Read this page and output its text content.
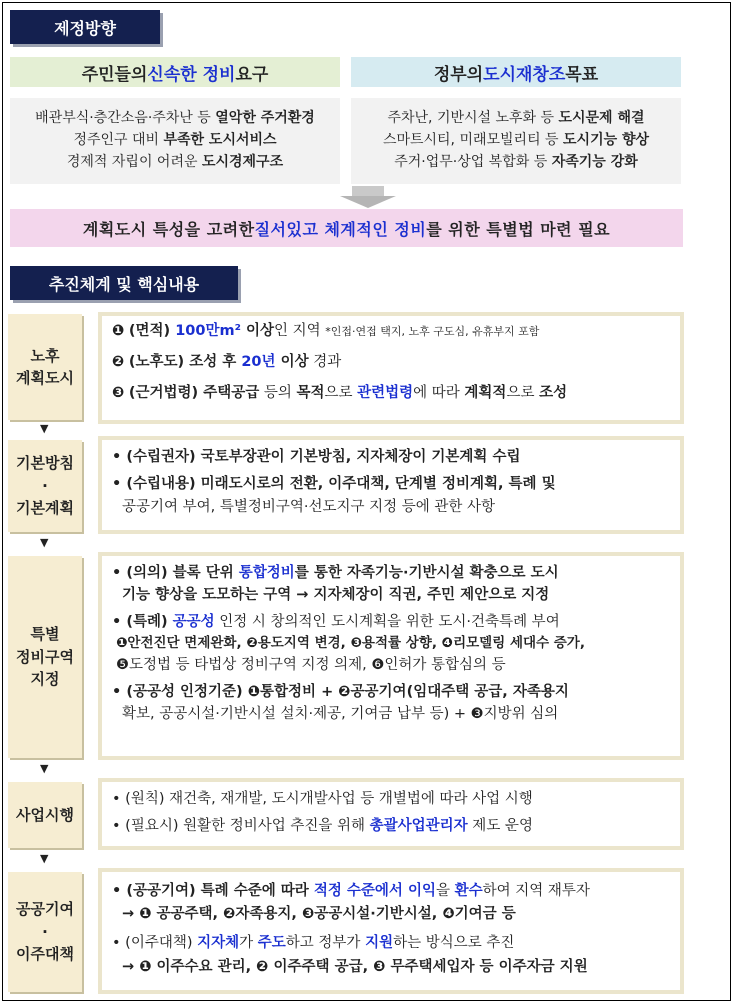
제정방향
주민들의 신속한 정비 요구	정부의 도시재창조 목표
배관부식·층간소음·주차난 등 열악한 주거환경
정주인구 대비 부족한 도시서비스
경제적 자립이 어려운 도시경제구조
주차난, 기반시설 노후화 등 도시문제 해결
스마트시티, 미래모빌리티 등 도시기능 향상
주거·업무·상업 복합화 등 자족기능 강화
계획도시 특성을 고려한 질서있고 체계적인 정비 를 위한 특별법 마련 필요
추진체계 및 핵심내용
노후
계획도시
❶ (면적) 100만m² 이상인 지역 *인접·연접 택지, 노후 구도심, 유휴부지 포함
❷ (노후도) 조성 후 20년 이상 경과
❸ (근거법령) 주택공급 등의 목적으로 관련법령에 따라 계획적으로 조성
▼
기본방침
·
기본계획
• (수립권자) 국토부장관이 기본방침, 지자체장이 기본계획 수립
• (수립내용) 미래도시로의 전환, 이주대책, 단계별 정비계획, 특례 및
공공기여 부여, 특별정비구역·선도지구 지정 등에 관한 사항
▼
특별
정비구역
지정
• (의의) 블록 단위 통합정비를 통한 자족기능·기반시설 확충으로 도시
기능 향상을 도모하는 구역 → 지자체장이 직권, 주민 제안으로 지정
• (특례) 공공성 인정 시 창의적인 도시계획을 위한 도시·건축특례 부여
❶안전진단 면제완화, ❷용도지역 변경, ❸용적률 상향, ❹리모델링 세대수 증가,
❺도정법 등 타법상 정비구역 지정 의제, ❻인허가 통합심의 등
• (공공성 인정기준) ❶통합정비 + ❷공공기여(임대주택 공급, 자족용지
확보, 공공시설·기반시설 설치·제공, 기여금 납부 등) + ❸지방위 심의
▼
사업시행
• (원칙) 재건축, 재개발, 도시개발사업 등 개별법에 따라 사업 시행
• (필요시) 원활한 정비사업 추진을 위해 총괄사업관리자 제도 운영
▼
공공기여
·
이주대책
• (공공기여) 특례 수준에 따라 적정 수준에서 이익을 환수하여 지역 재투자
→ ❶ 공공주택, ❷자족용지, ❸공공시설·기반시설, ❹기여금 등
• (이주대책) 지자체가 주도하고 정부가 지원하는 방식으로 추진
→ ❶ 이주수요 관리, ❷ 이주주택 공급, ❸ 무주택세입자 등 이주자금 지원
